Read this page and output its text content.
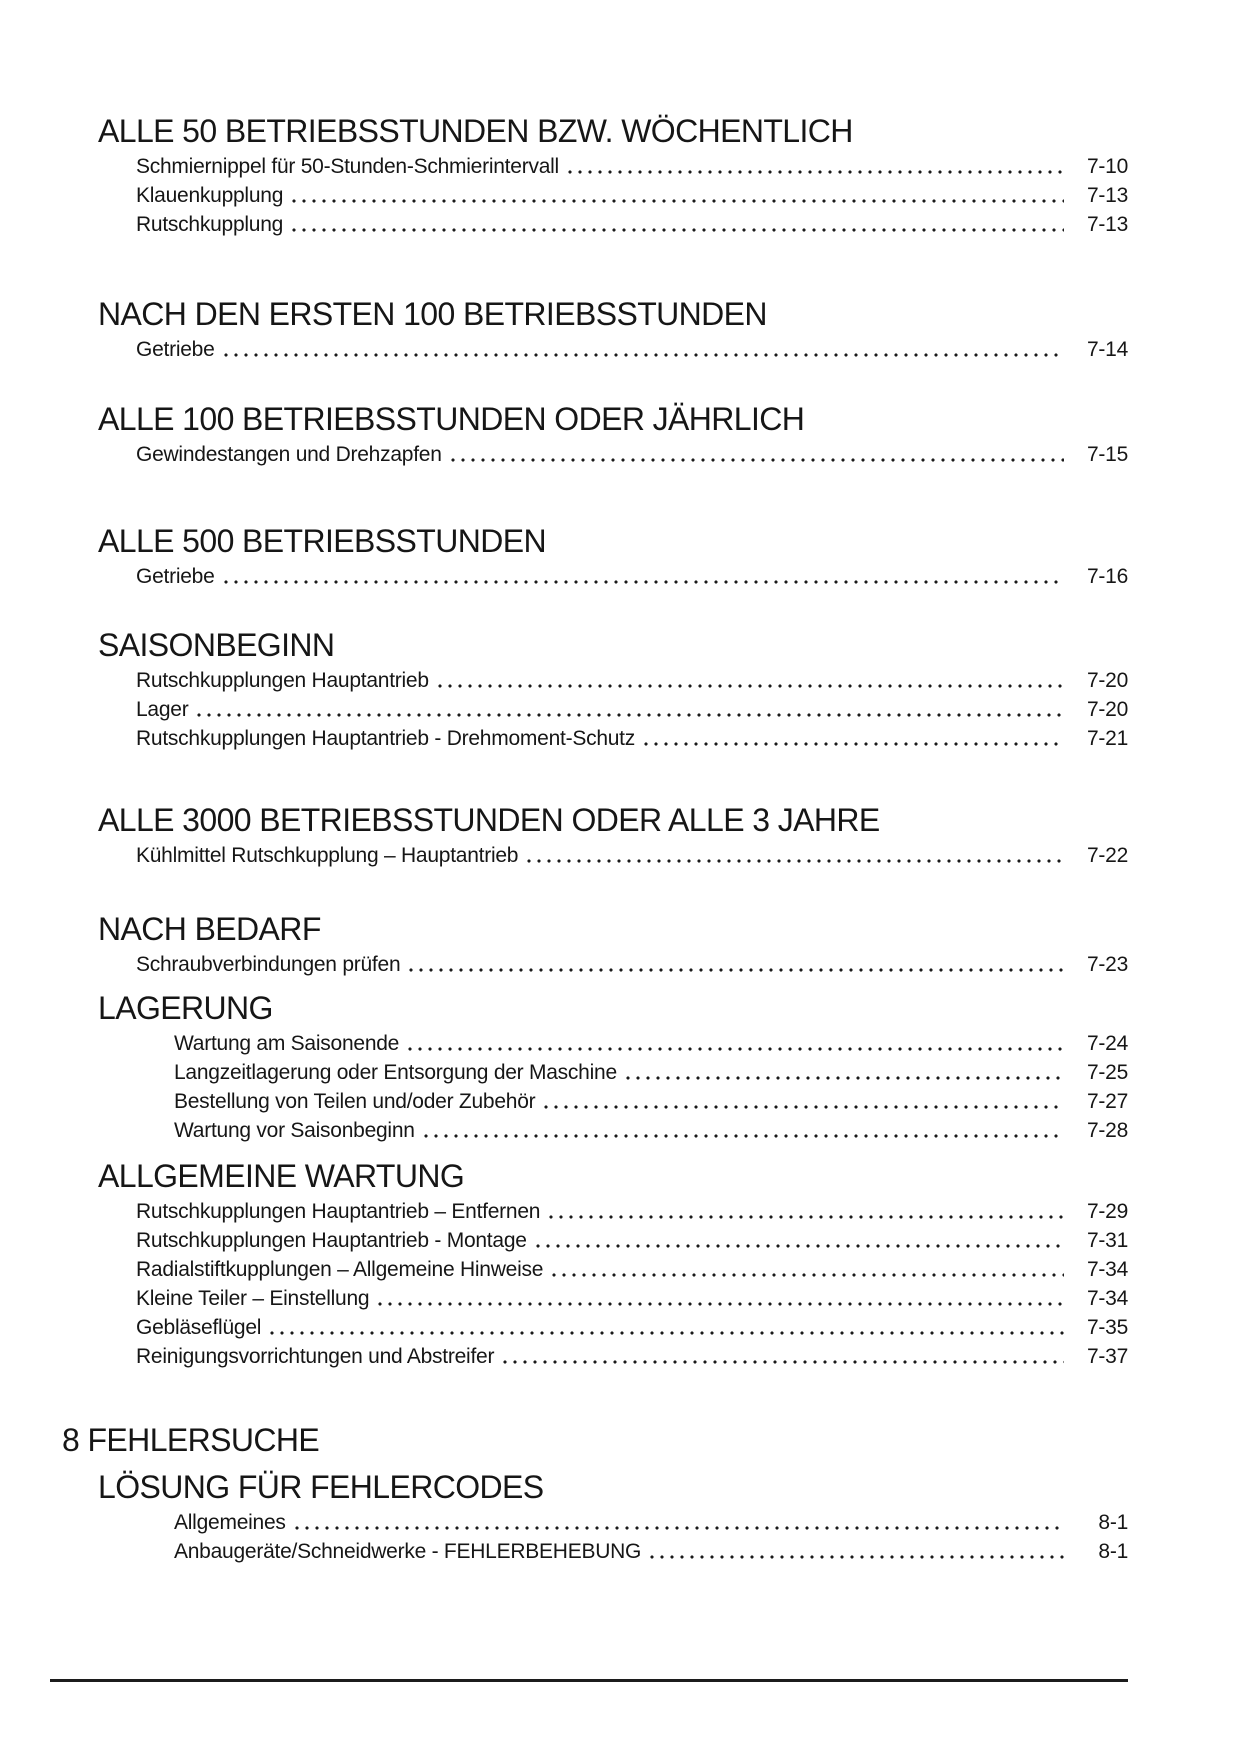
ALLE 50 BETRIEBSSTUNDEN BZW. WÖCHENTLICH
Schmiernippel für 50-Stunden-Schmierintervall	7-10
Klauenkupplung	7-13
Rutschkupplung	7-13
NACH DEN ERSTEN 100 BETRIEBSSTUNDEN
Getriebe	7-14
ALLE 100 BETRIEBSSTUNDEN ODER JÄHRLICH
Gewindestangen und Drehzapfen	7-15
ALLE 500 BETRIEBSSTUNDEN
Getriebe	7-16
SAISONBEGINN
Rutschkupplungen Hauptantrieb	7-20
Lager	7-20
Rutschkupplungen Hauptantrieb - Drehmoment-Schutz	7-21
ALLE 3000 BETRIEBSSTUNDEN ODER ALLE 3 JAHRE
Kühlmittel Rutschkupplung – Hauptantrieb	7-22
NACH BEDARF
Schraubverbindungen prüfen	7-23
LAGERUNG
Wartung am Saisonende	7-24
Langzeitlagerung oder Entsorgung der Maschine	7-25
Bestellung von Teilen und/oder Zubehör	7-27
Wartung vor Saisonbeginn	7-28
ALLGEMEINE WARTUNG
Rutschkupplungen Hauptantrieb – Entfernen	7-29
Rutschkupplungen Hauptantrieb - Montage	7-31
Radialstiftkupplungen – Allgemeine Hinweise	7-34
Kleine Teiler – Einstellung	7-34
Gebläseflügel	7-35
Reinigungsvorrichtungen und Abstreifer	7-37
8 FEHLERSUCHE
LÖSUNG FÜR FEHLERCODES
Allgemeines	8-1
Anbaugeräte/Schneidwerke - FEHLERBEHEBUNG	8-1
